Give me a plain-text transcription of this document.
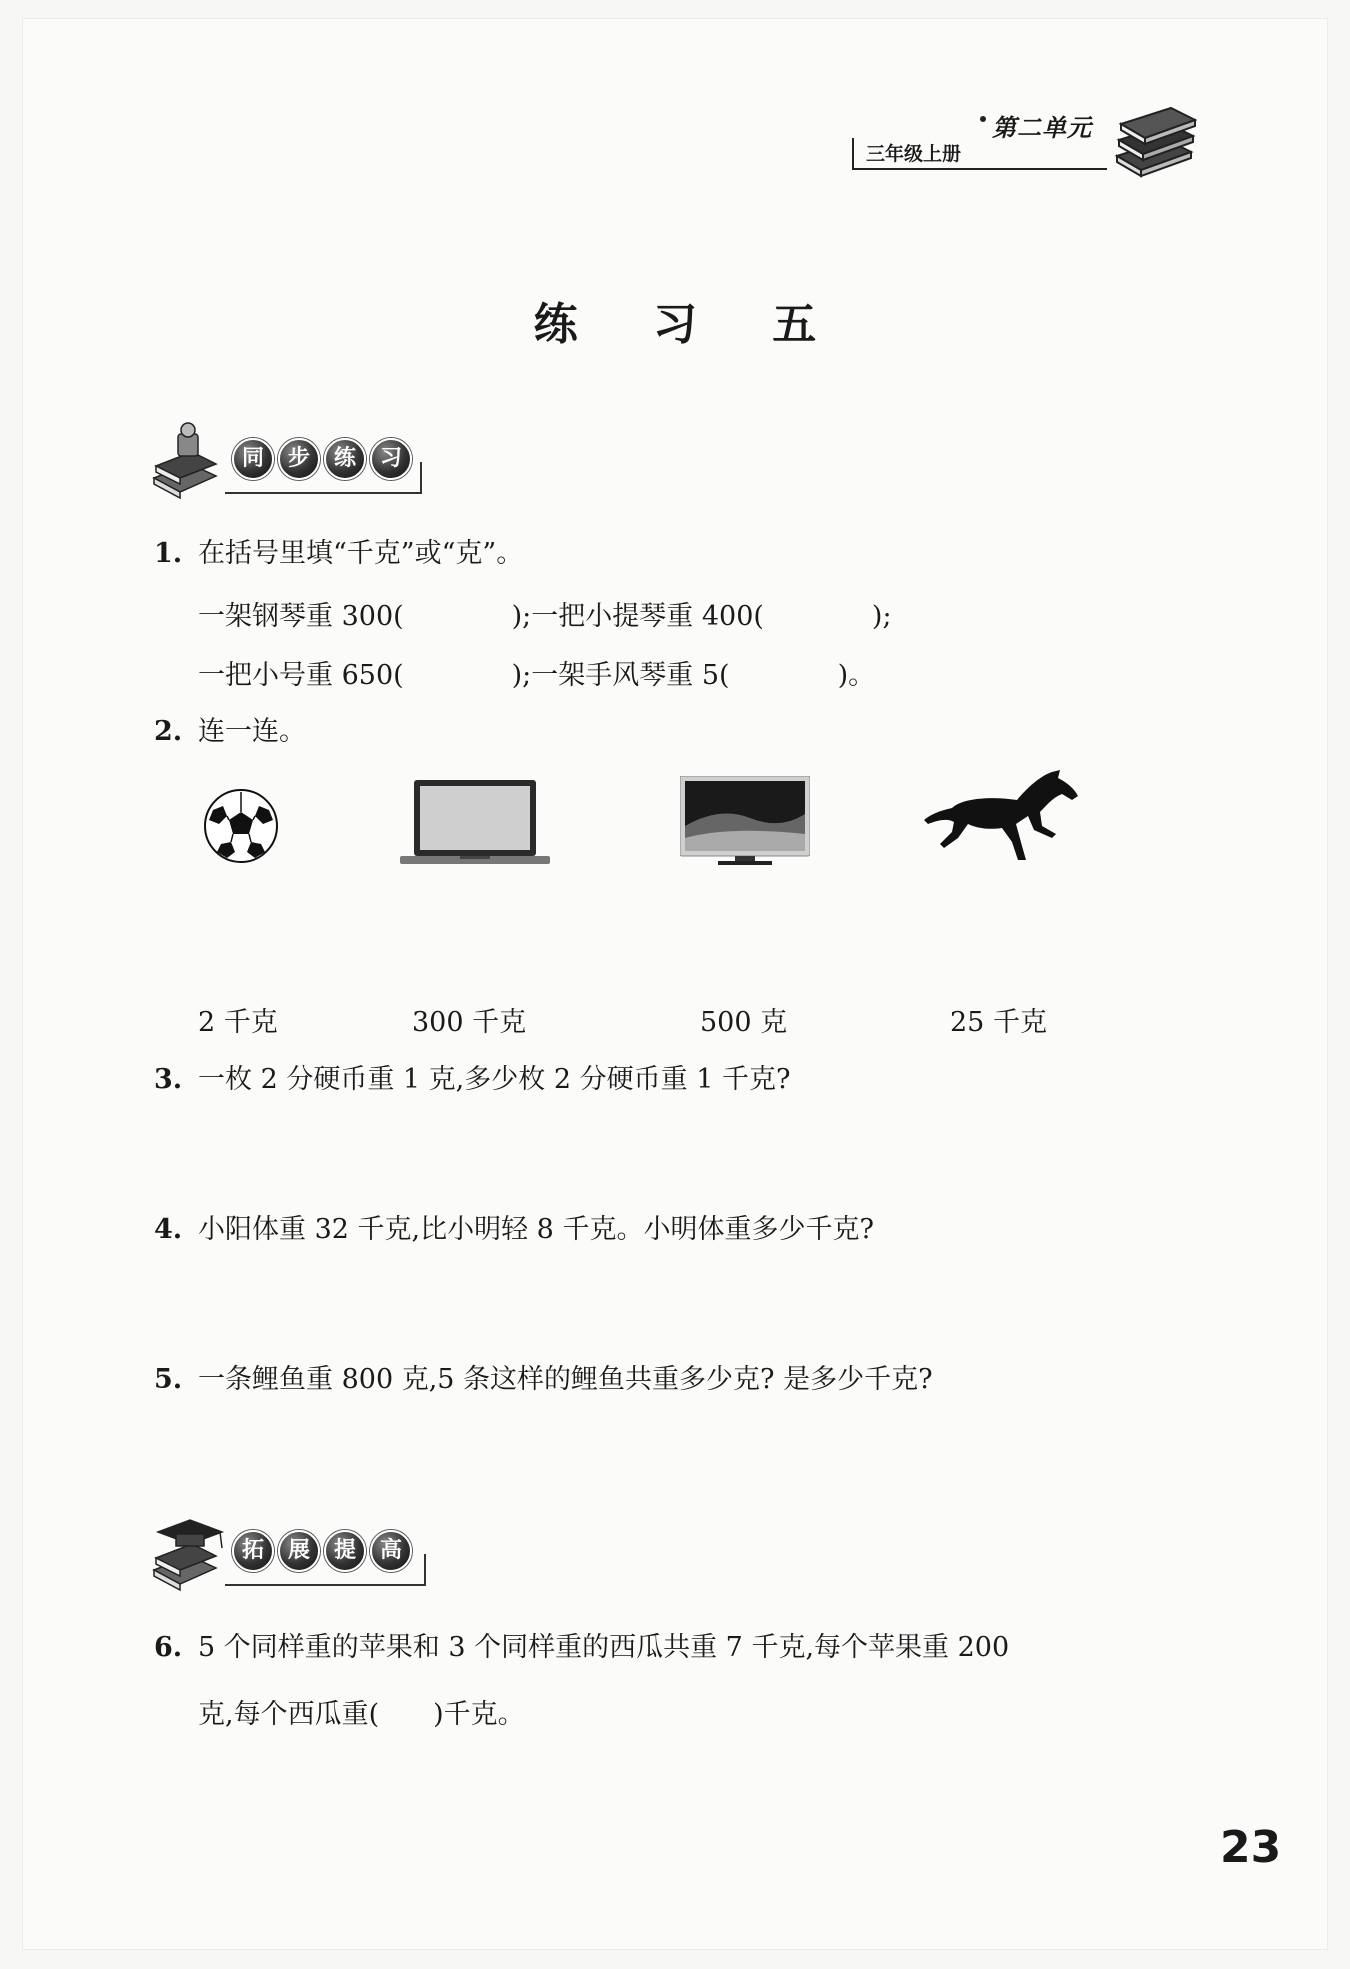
第二单元
三年级上册
练 习 五
同	步	练	习
1. 在括号里填“千克”或“克”。
一架钢琴重 300(　　　　);一把小提琴重 400(　　　　);
一把小号重 650(　　　　);一架手风琴重 5(　　　　)。
2. 连一连。
2 千克	300 千克	500 克	25 千克
3. 一枚 2 分硬币重 1 克,多少枚 2 分硬币重 1 千克?
4. 小阳体重 32 千克,比小明轻 8 千克。小明体重多少千克?
5. 一条鲤鱼重 800 克,5 条这样的鲤鱼共重多少克? 是多少千克?
拓	展	提	高
6. 5 个同样重的苹果和 3 个同样重的西瓜共重 7 千克,每个苹果重 200
克,每个西瓜重(　　)千克。
23
